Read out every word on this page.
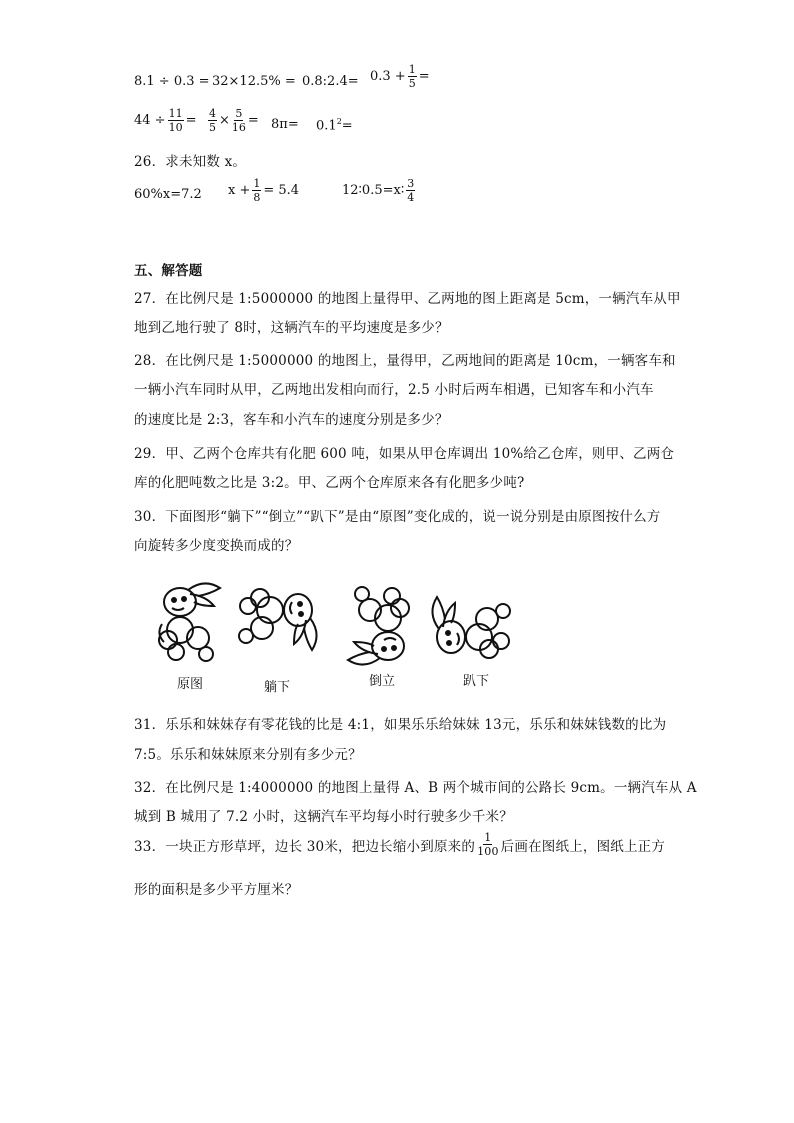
8.1 ÷ 0.3 = 32×12.5% = 0.8:2.4= $0.3 + \frac{1}{5}$ =
$44 \div \frac{11}{10} = \frac{4}{5} \times \frac{5}{16} = 8\pi= 0.1^2=$
26．求未知数 x。
60%x=7.2 $x + \frac{1}{8} = 5.4$	12∶0.5=x∶ $\frac{3}{4}$
五、解答题
27．在比例尺是 1:5000000 的地图上量得甲、乙两地的图上距离是 5cm，一辆汽车从甲
地到乙地行驶了 8时，这辆汽车的平均速度是多少？
28．在比例尺是 1:5000000 的地图上，量得甲，乙两地间的距离是 10cm，一辆客车和
一辆小汽车同时从甲，乙两地出发相向而行，2.5 小时后两车相遇，已知客车和小汽车
的速度比是 2:3，客车和小汽车的速度分别是多少？
29．甲、乙两个仓库共有化肥 600 吨，如果从甲仓库调出 10%给乙仓库，则甲、乙两仓
库的化肥吨数之比是 3:2。甲、乙两个仓库原来各有化肥多少吨?
30．下面图形“躺下”“倒立”“趴下”是由“原图”变化成的，说一说分别是由原图按什么方
向旋转多少度变换而成的？
原图	躺下	倒立	趴下
31．乐乐和妹妹存有零花钱的比是 4:1，如果乐乐给妹妹 13元，乐乐和妹妹钱数的比为
7:5。乐乐和妹妹原来分别有多少元？
32．在比例尺是 1:4000000 的地图上量得 A、B 两个城市间的公路长 9cm。一辆汽车从 A
城到 B 城用了 7.2 小时，这辆汽车平均每小时行驶多少千米？
33．一块正方形草坪，边长 30米，把边长缩小到原来的 $\frac{1}{100}$ 后画在图纸上，图纸上正方
形的面积是多少平方厘米？
